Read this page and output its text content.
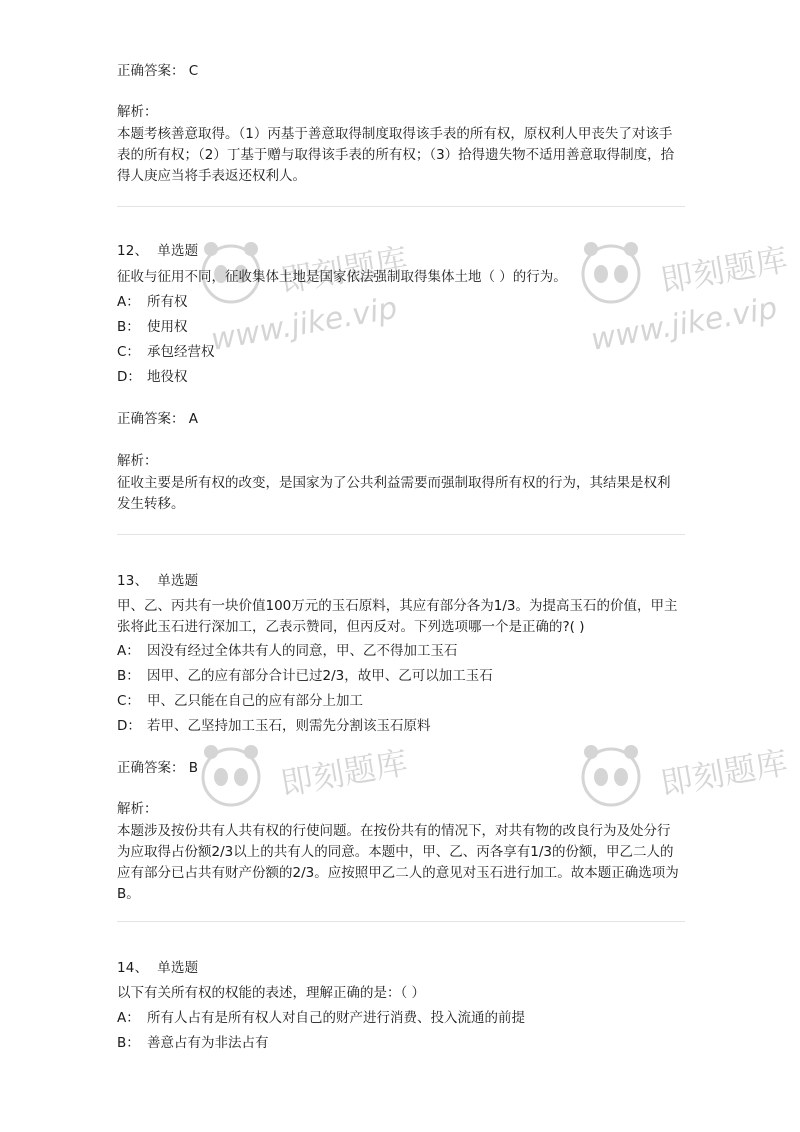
即刻题库
www.jike.vip
即刻题库
www.jike.vip
即刻题库	即刻题库
正确答案： C
解析：
本题考核善意取得。（1）丙基于善意取得制度取得该手表的所有权，原权利人甲丧失了对该手表的所有权；（2）丁基于赠与取得该手表的所有权；（3）拾得遗失物不适用善意取得制度，拾得人庚应当将手表返还权利人。
12、 单选题
征收与征用不同，征收集体土地是国家依法强制取得集体土地（ ）的行为。
A： 所有权
B： 使用权
C： 承包经营权
D： 地役权
正确答案： A
解析：
征收主要是所有权的改变，是国家为了公共利益需要而强制取得所有权的行为，其结果是权利发生转移。
13、 单选题
甲、乙、丙共有一块价值100万元的玉石原料，其应有部分各为1/3。为提高玉石的价值，甲主张将此玉石进行深加工，乙表示赞同，但丙反对。下列选项哪一个是正确的?( )
A： 因没有经过全体共有人的同意，甲、乙不得加工玉石
B： 因甲、乙的应有部分合计已过2/3，故甲、乙可以加工玉石
C： 甲、乙只能在自己的应有部分上加工
D： 若甲、乙坚持加工玉石，则需先分割该玉石原料
正确答案： B
解析：
本题涉及按份共有人共有权的行使问题。在按份共有的情况下，对共有物的改良行为及处分行为应取得占份额2/3以上的共有人的同意。本题中，甲、乙、丙各享有1/3的份额，甲乙二人的应有部分已占共有财产份额的2/3。应按照甲乙二人的意见对玉石进行加工。故本题正确选项为B。
14、 单选题
以下有关所有权的权能的表述，理解正确的是：（ ）
A： 所有人占有是所有权人对自己的财产进行消费、投入流通的前提
B： 善意占有为非法占有
